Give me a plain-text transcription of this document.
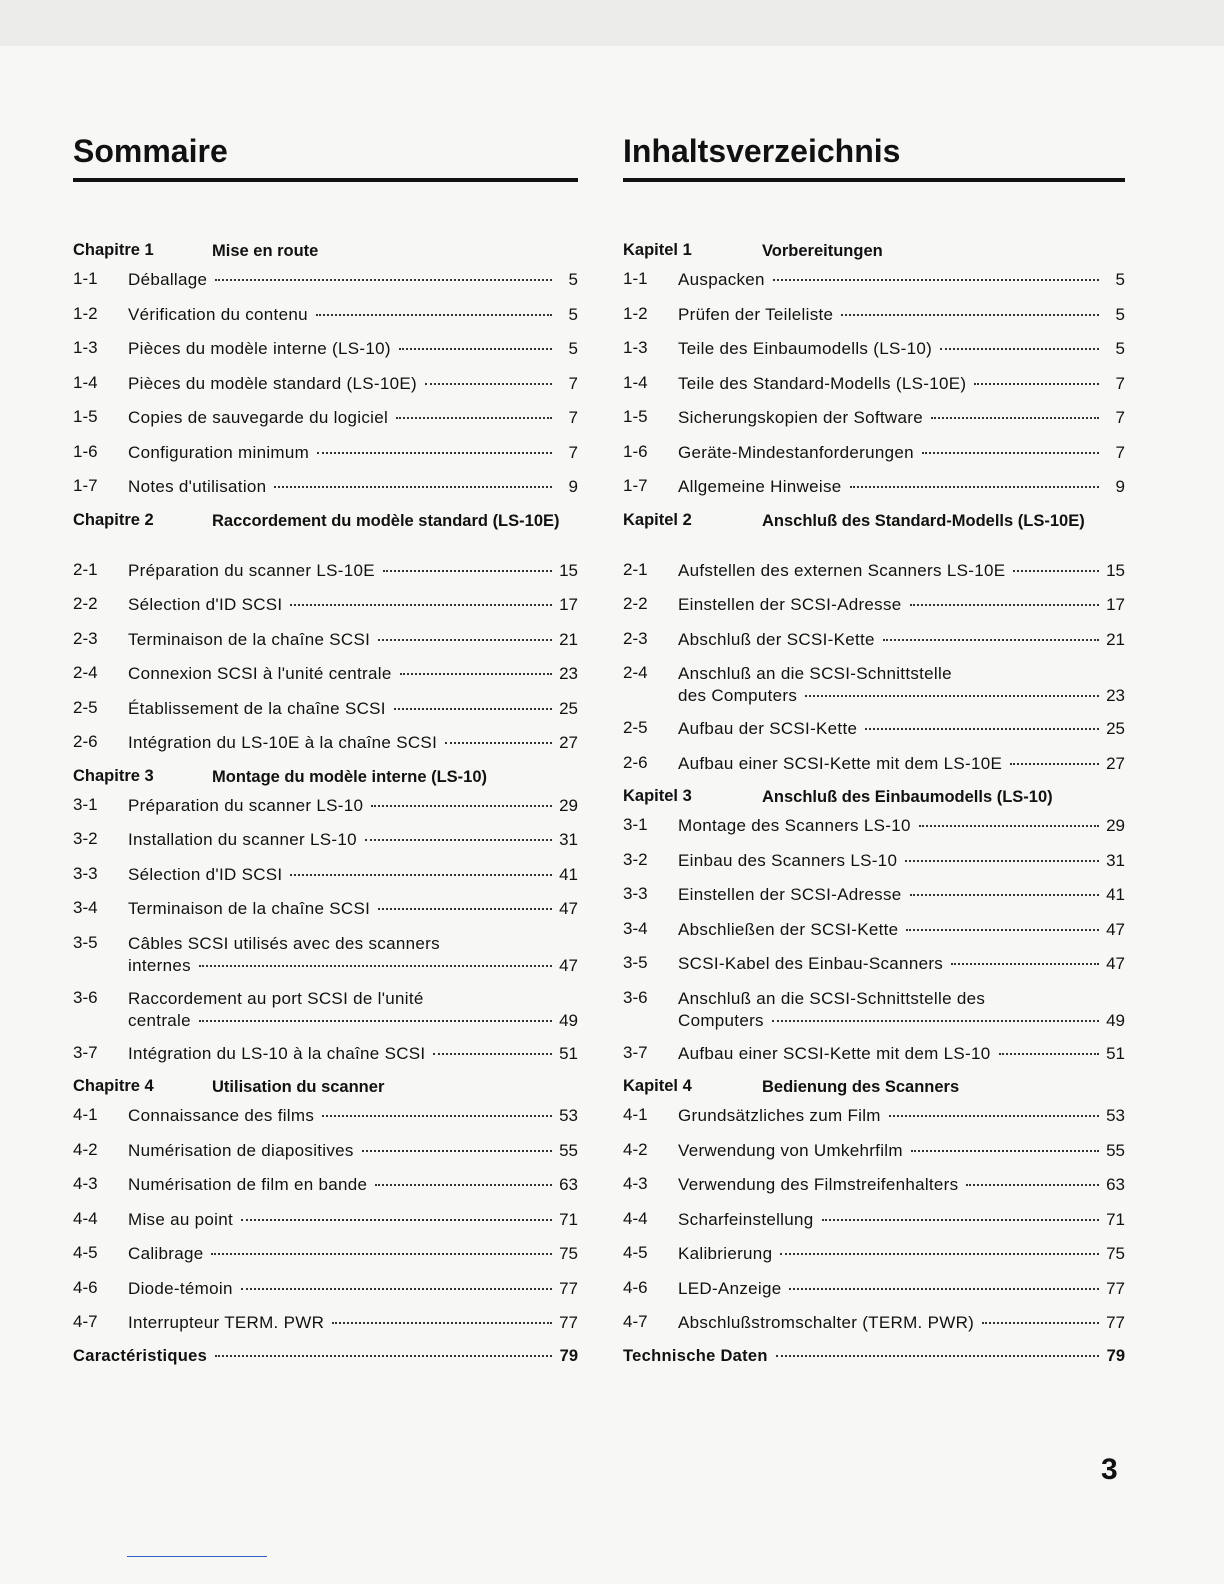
Sommaire
Chapitre 1	Mise en route
1-1 Déballage	5
1-2 Vérification du contenu	5
1-3 Pièces du modèle interne (LS-10)	5
1-4 Pièces du modèle standard (LS-10E)	7
1-5 Copies de sauvegarde du logiciel	7
1-6 Configuration minimum	7
1-7 Notes d'utilisation	9
Chapitre 2	Raccordement du modèle standard (LS-10E)
2-1 Préparation du scanner LS-10E	15
2-2 Sélection d'ID SCSI	17
2-3 Terminaison de la chaîne SCSI	21
2-4 Connexion SCSI à l'unité centrale	23
2-5 Établissement de la chaîne SCSI	25
2-6 Intégration du LS-10E à la chaîne SCSI	27
Chapitre 3	Montage du modèle interne (LS-10)
3-1 Préparation du scanner LS-10	29
3-2 Installation du scanner LS-10	31
3-3 Sélection d'ID SCSI	41
3-4 Terminaison de la chaîne SCSI	47
3-5 Câbles SCSI utilisés avec des scanners
internes	47
3-6 Raccordement au port SCSI de l'unité
centrale	49
3-7 Intégration du LS-10 à la chaîne SCSI	51
Chapitre 4	Utilisation du scanner
4-1 Connaissance des films	53
4-2 Numérisation de diapositives	55
4-3 Numérisation de film en bande	63
4-4 Mise au point	71
4-5 Calibrage	75
4-6 Diode-témoin	77
4-7 Interrupteur TERM. PWR	77
Caractéristiques	79
Inhaltsverzeichnis
Kapitel 1	Vorbereitungen
1-1 Auspacken	5
1-2 Prüfen der Teileliste	5
1-3 Teile des Einbaumodells (LS-10)	5
1-4 Teile des Standard-Modells (LS-10E)	7
1-5 Sicherungskopien der Software	7
1-6 Geräte-Mindestanforderungen	7
1-7 Allgemeine Hinweise	9
Kapitel 2	Anschluß des Standard-Modells (LS-10E)
2-1 Aufstellen des externen Scanners LS-10E	15
2-2 Einstellen der SCSI-Adresse	17
2-3 Abschluß der SCSI-Kette	21
2-4 Anschluß an die SCSI-Schnittstelle
des Computers	23
2-5 Aufbau der SCSI-Kette	25
2-6 Aufbau einer SCSI-Kette mit dem LS-10E	27
Kapitel 3	Anschluß des Einbaumodells (LS-10)
3-1 Montage des Scanners LS-10	29
3-2 Einbau des Scanners LS-10	31
3-3 Einstellen der SCSI-Adresse	41
3-4 Abschließen der SCSI-Kette	47
3-5 SCSI-Kabel des Einbau-Scanners	47
3-6 Anschluß an die SCSI-Schnittstelle des
Computers	49
3-7 Aufbau einer SCSI-Kette mit dem LS-10	51
Kapitel 4	Bedienung des Scanners
4-1 Grundsätzliches zum Film	53
4-2 Verwendung von Umkehrfilm	55
4-3 Verwendung des Filmstreifenhalters	63
4-4 Scharfeinstellung	71
4-5 Kalibrierung	75
4-6 LED-Anzeige	77
4-7 Abschlußstromschalter (TERM. PWR)	77
Technische Daten	79
3
